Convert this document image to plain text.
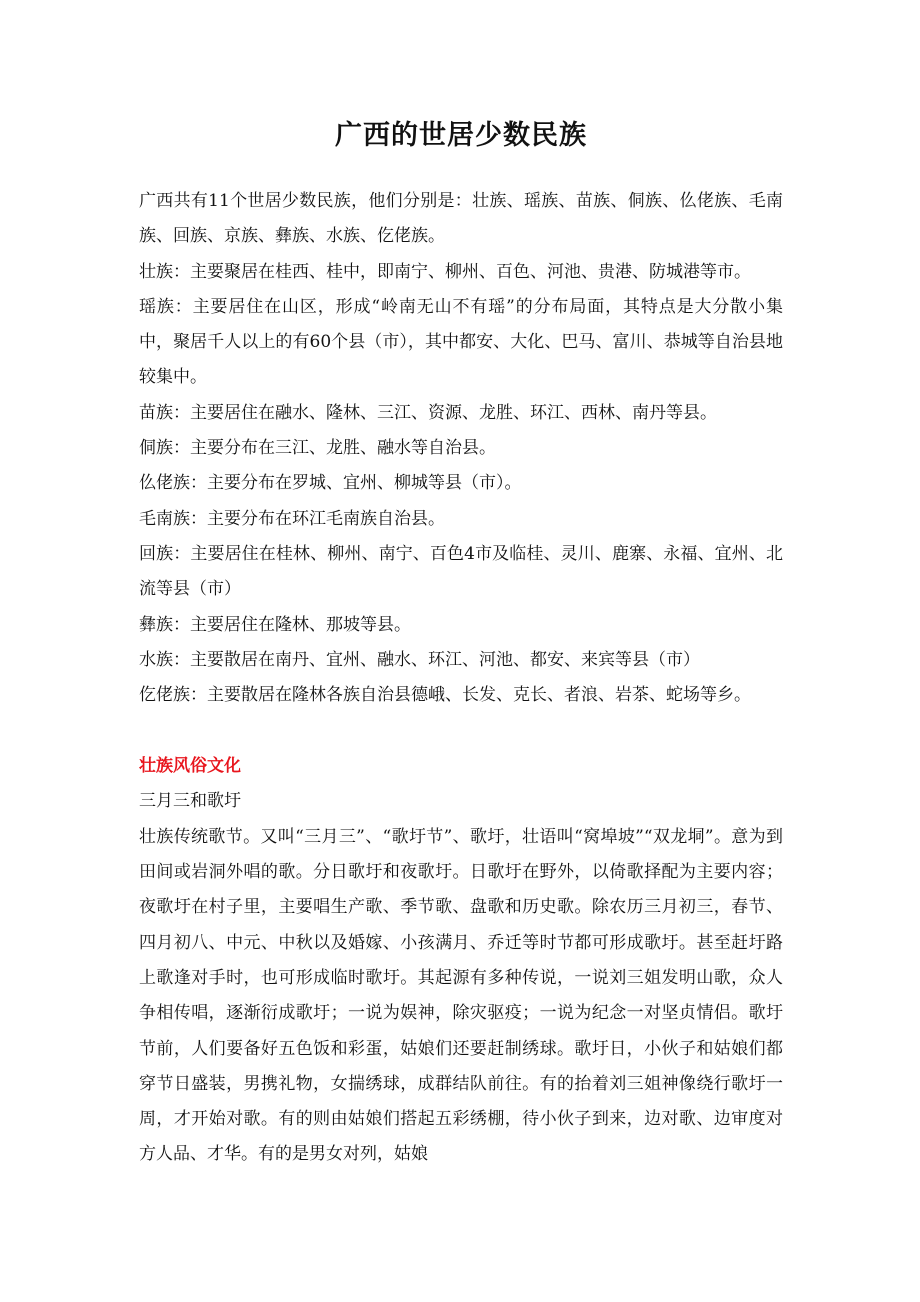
广西的世居少数民族

广西共有11个世居少数民族，他们分别是：壮族、瑶族、苗族、侗族、仫佬族、毛南族、回族、京族、彝族、水族、仡佬族。

壮族：主要聚居在桂西、桂中，即南宁、柳州、百色、河池、贵港、防城港等市。

瑶族：主要居住在山区，形成“岭南无山不有瑶”的分布局面，其特点是大分散小集中，聚居千人以上的有60个县（市），其中都安、大化、巴马、富川、恭城等自治县地较集中。

苗族：主要居住在融水、隆林、三江、资源、龙胜、环江、西林、南丹等县。

侗族：主要分布在三江、龙胜、融水等自治县。

仫佬族：主要分布在罗城、宜州、柳城等县（市）。

毛南族：主要分布在环江毛南族自治县。

回族：主要居住在桂林、柳州、南宁、百色4市及临桂、灵川、鹿寨、永福、宜州、北流等县（市）

彝族：主要居住在隆林、那坡等县。

水族：主要散居在南丹、宜州、融水、环江、河池、都安、来宾等县（市）

仡佬族：主要散居在隆林各族自治县德峨、长发、克长、者浪、岩茶、蛇场等乡。

壮族风俗文化

三月三和歌圩

壮族传统歌节。又叫“三月三”、“歌圩节”、歌圩，壮语叫“窝埠坡”“双龙垌”。意为到田间或岩洞外唱的歌。分日歌圩和夜歌圩。日歌圩在野外，以倚歌择配为主要内容；夜歌圩在村子里，主要唱生产歌、季节歌、盘歌和历史歌。除农历三月初三，春节、四月初八、中元、中秋以及婚嫁、小孩满月、乔迁等时节都可形成歌圩。甚至赶圩路上歌逢对手时，也可形成临时歌圩。其起源有多种传说，一说刘三姐发明山歌，众人争相传唱，逐渐衍成歌圩；一说为娱神，除灾驱疫；一说为纪念一对坚贞情侣。歌圩节前，人们要备好五色饭和彩蛋，姑娘们还要赶制绣球。歌圩日，小伙子和姑娘们都穿节日盛装，男携礼物，女揣绣球，成群结队前往。有的抬着刘三姐神像绕行歌圩一周，才开始对歌。有的则由姑娘们搭起五彩绣棚，待小伙子到来，边对歌、边审度对方人品、才华。有的是男女对列，姑娘
